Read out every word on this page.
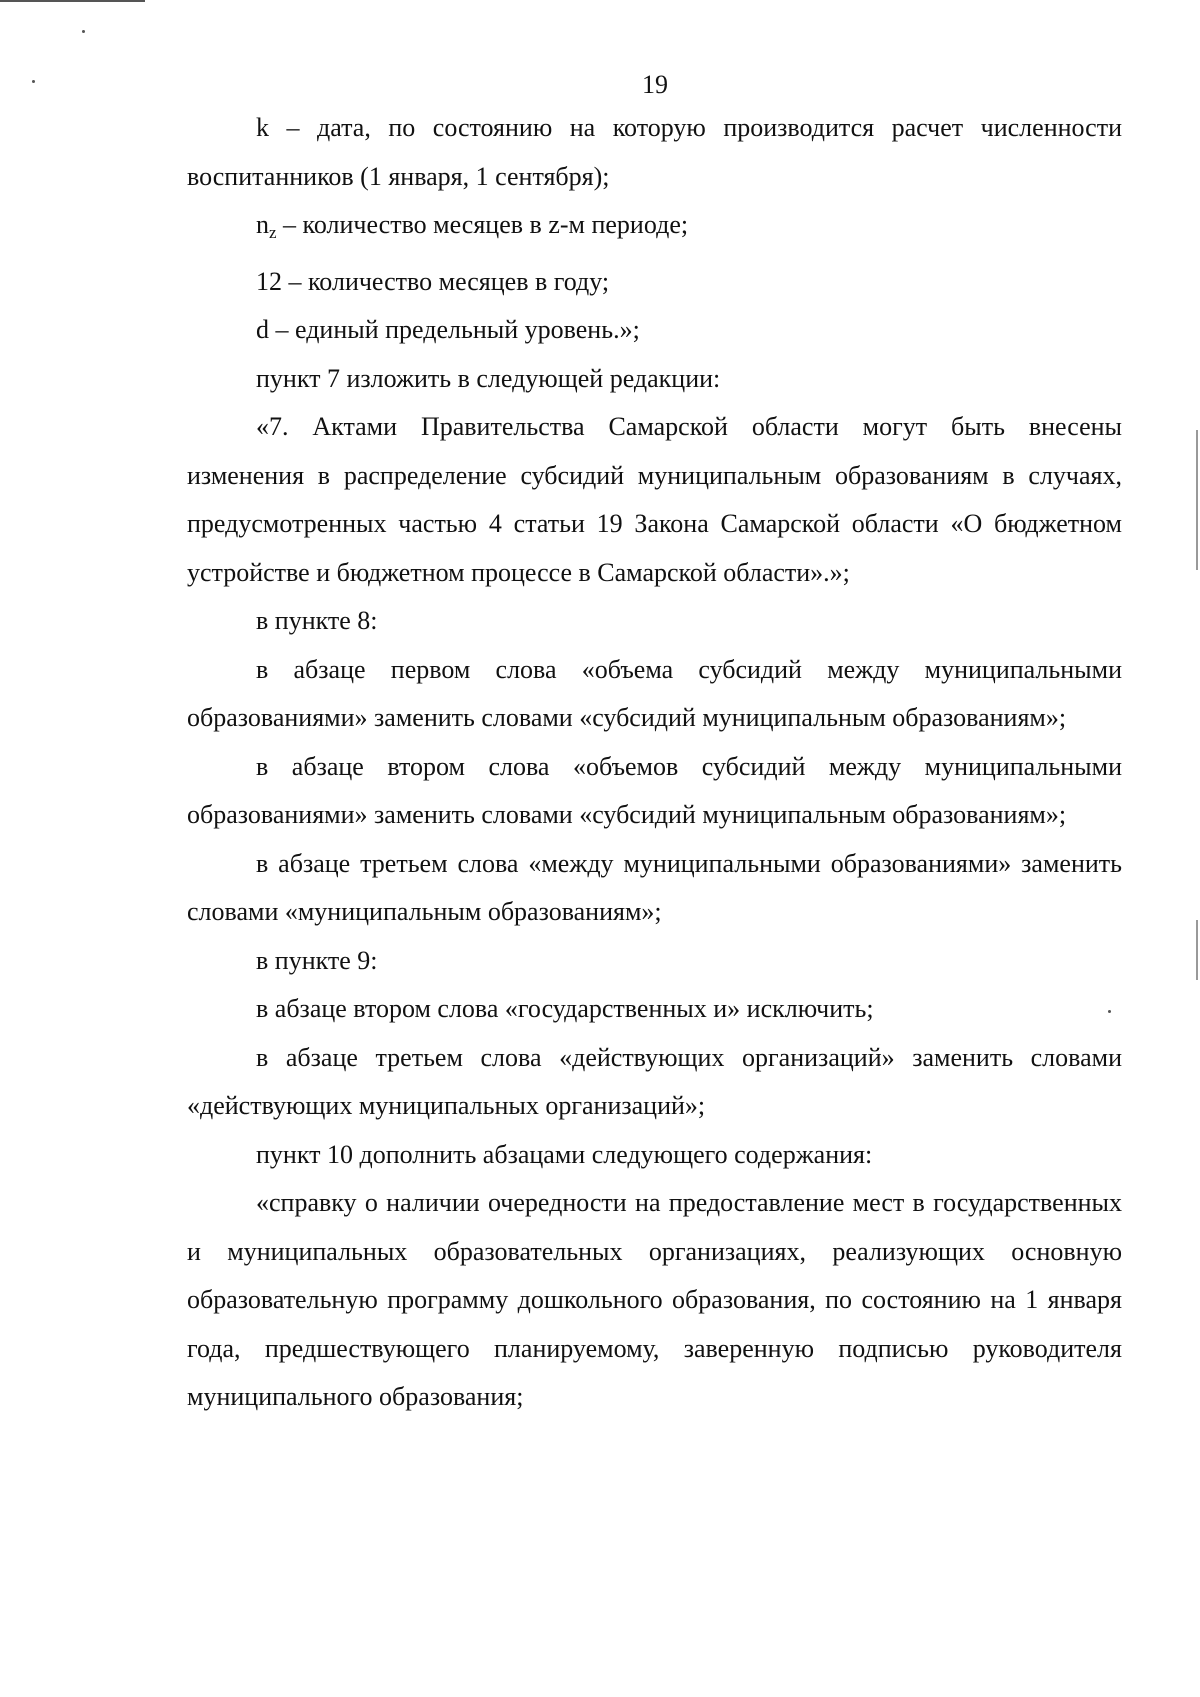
19

k – дата, по состоянию на которую производится расчет численности воспитанников (1 января, 1 сентября);

$n_z$ – количество месяцев в z-м периоде;

12 – количество месяцев в году;

d – единый предельный уровень.»;

пункт 7 изложить в следующей редакции:

«7. Актами Правительства Самарской области могут быть внесены изменения в распределение субсидий муниципальным образованиям в случаях, предусмотренных частью 4 статьи 19 Закона Самарской области «О бюджетном устройстве и бюджетном процессе в Самарской области».»;

в пункте 8:

в абзаце первом слова «объема субсидий между муниципальными образованиями» заменить словами «субсидий муниципальным образованиям»;

в абзаце втором слова «объемов субсидий между муниципальными образованиями» заменить словами «субсидий муниципальным образованиям»;

в абзаце третьем слова «между муниципальными образованиями» заменить словами «муниципальным образованиям»;

в пункте 9:

в абзаце втором слова «государственных и» исключить;

в абзаце третьем слова «действующих организаций» заменить словами «действующих муниципальных организаций»;

пункт 10 дополнить абзацами следующего содержания:

«справку о наличии очередности на предоставление мест в государственных и муниципальных образовательных организациях, реализующих основную образовательную программу дошкольного образования, по состоянию на 1 января года, предшествующего планируемому, заверенную подписью руководителя муниципального образования;
